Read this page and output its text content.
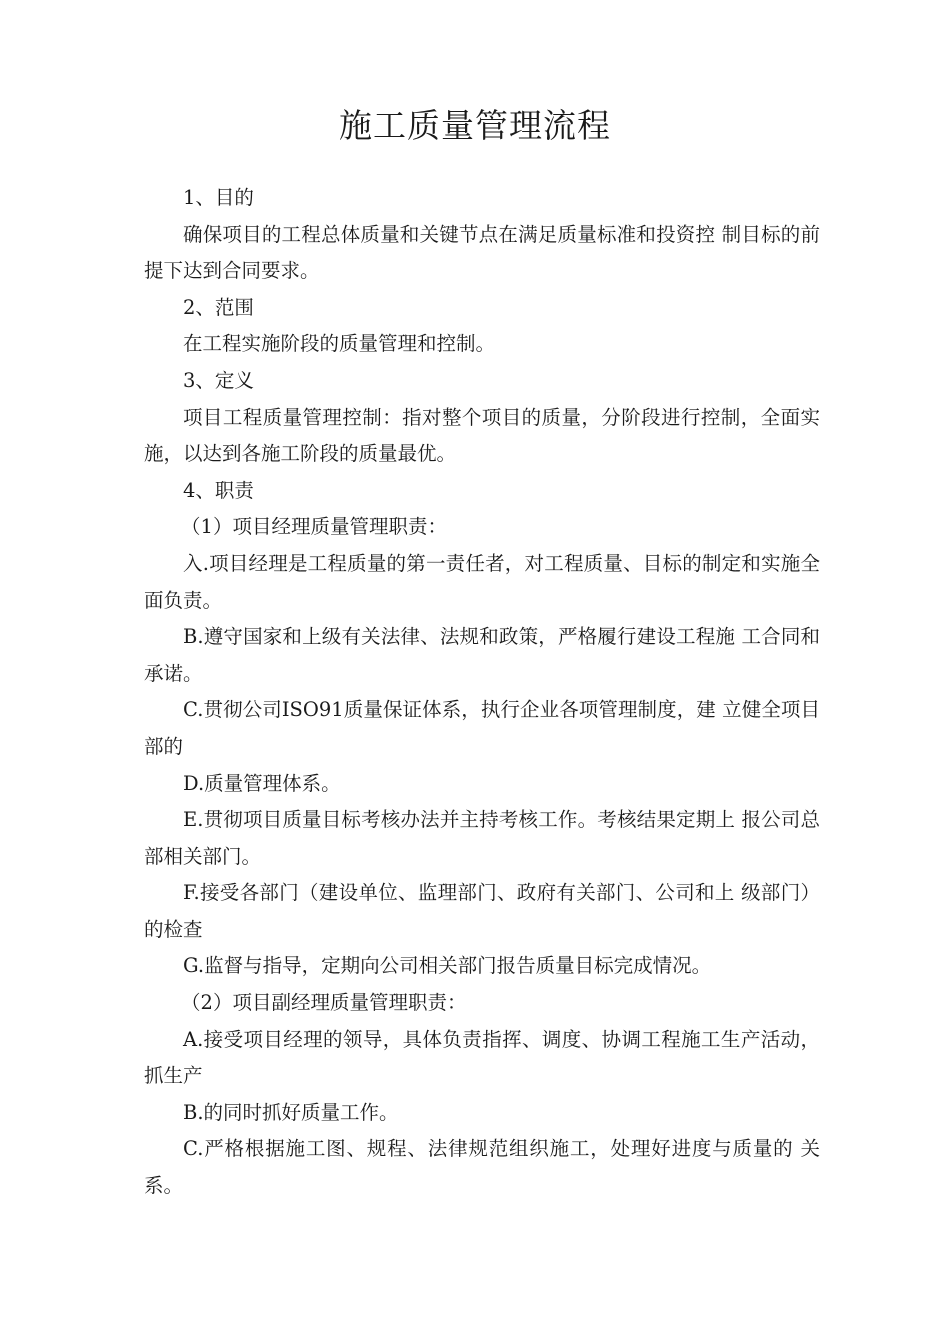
施工质量管理流程

1、目的

确保项目的工程总体质量和关键节点在满足质量标准和投资控 制目标的前提下达到合同要求。

2、范围

在工程实施阶段的质量管理和控制。

3、定义

项目工程质量管理控制：指对整个项目的质量，分阶段进行控制，全面实施，以达到各施工阶段的质量最优。

4、职责

（1）项目经理质量管理职责：

入.项目经理是工程质量的第一责任者，对工程质量、目标的制定和实施全面负责。

B.遵守国家和上级有关法律、法规和政策，严格履行建设工程施 工合同和承诺。

C.贯彻公司ISO91质量保证体系，执行企业各项管理制度，建 立健全项目部的

D.质量管理体系。

E.贯彻项目质量目标考核办法并主持考核工作。考核结果定期上 报公司总部相关部门。

F.接受各部门（建设单位、监理部门、政府有关部门、公司和上 级部门）的检查

G.监督与指导，定期向公司相关部门报告质量目标完成情况。

（2）项目副经理质量管理职责：

A.接受项目经理的领导，具体负责指挥、调度、协调工程施工生产活动，抓生产

B.的同时抓好质量工作。

C.严格根据施工图、规程、法律规范组织施工，处理好进度与质量的 关系。
